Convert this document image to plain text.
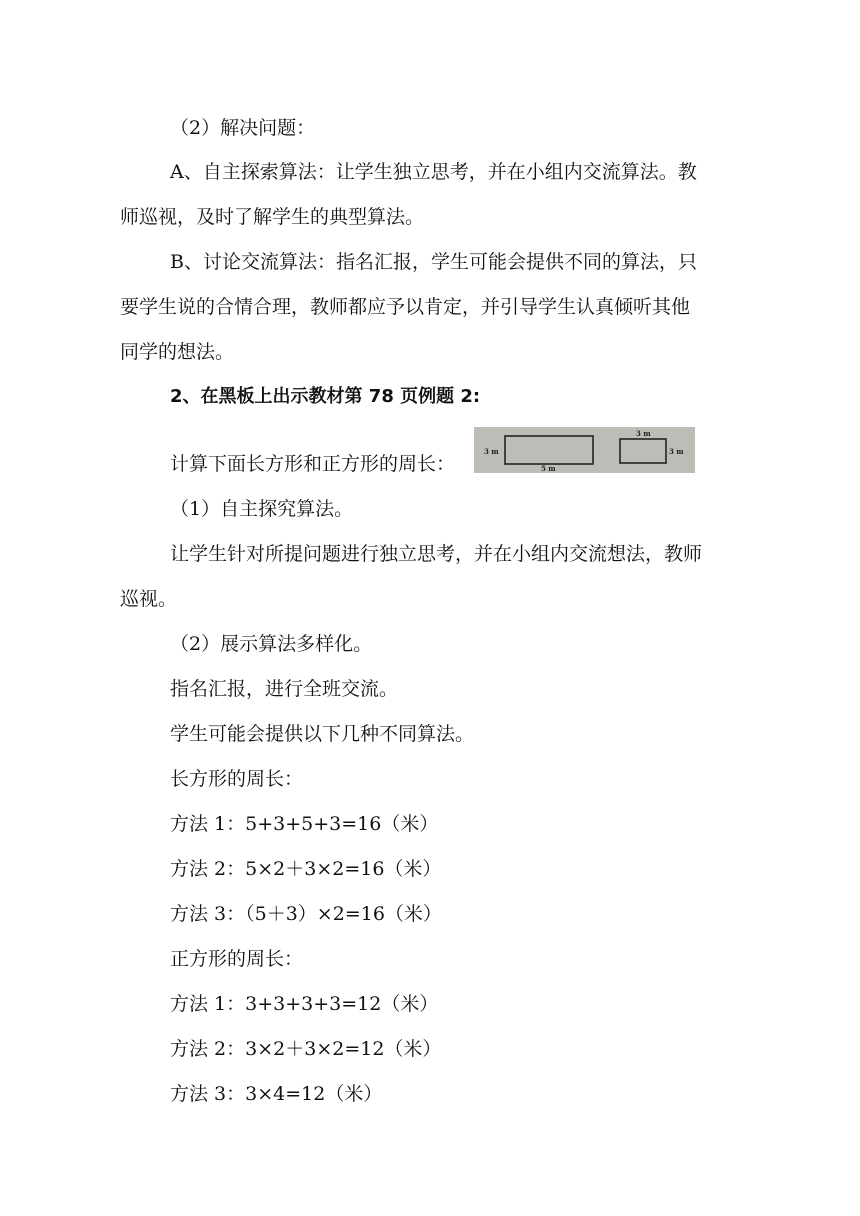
（2）解决问题：
A、自主探索算法：让学生独立思考，并在小组内交流算法。教
师巡视，及时了解学生的典型算法。
B、讨论交流算法：指名汇报，学生可能会提供不同的算法，只
要学生说的合情合理，教师都应予以肯定，并引导学生认真倾听其他
同学的想法。
2、在黑板上出示教材第 78 页例题 2:
计算下面长方形和正方形的周长：
3 m
5 m
3 m
3 m
（1）自主探究算法。
让学生针对所提问题进行独立思考，并在小组内交流想法，教师
巡视。
（2）展示算法多样化。
指名汇报，进行全班交流。
学生可能会提供以下几种不同算法。
长方形的周长：
方法 1：5+3+5+3=16（米）
方法 2：5×2＋3×2=16（米）
方法 3：（5＋3）×2=16（米）
正方形的周长：
方法 1：3+3+3+3=12（米）
方法 2：3×2＋3×2=12（米）
方法 3：3×4=12（米）
